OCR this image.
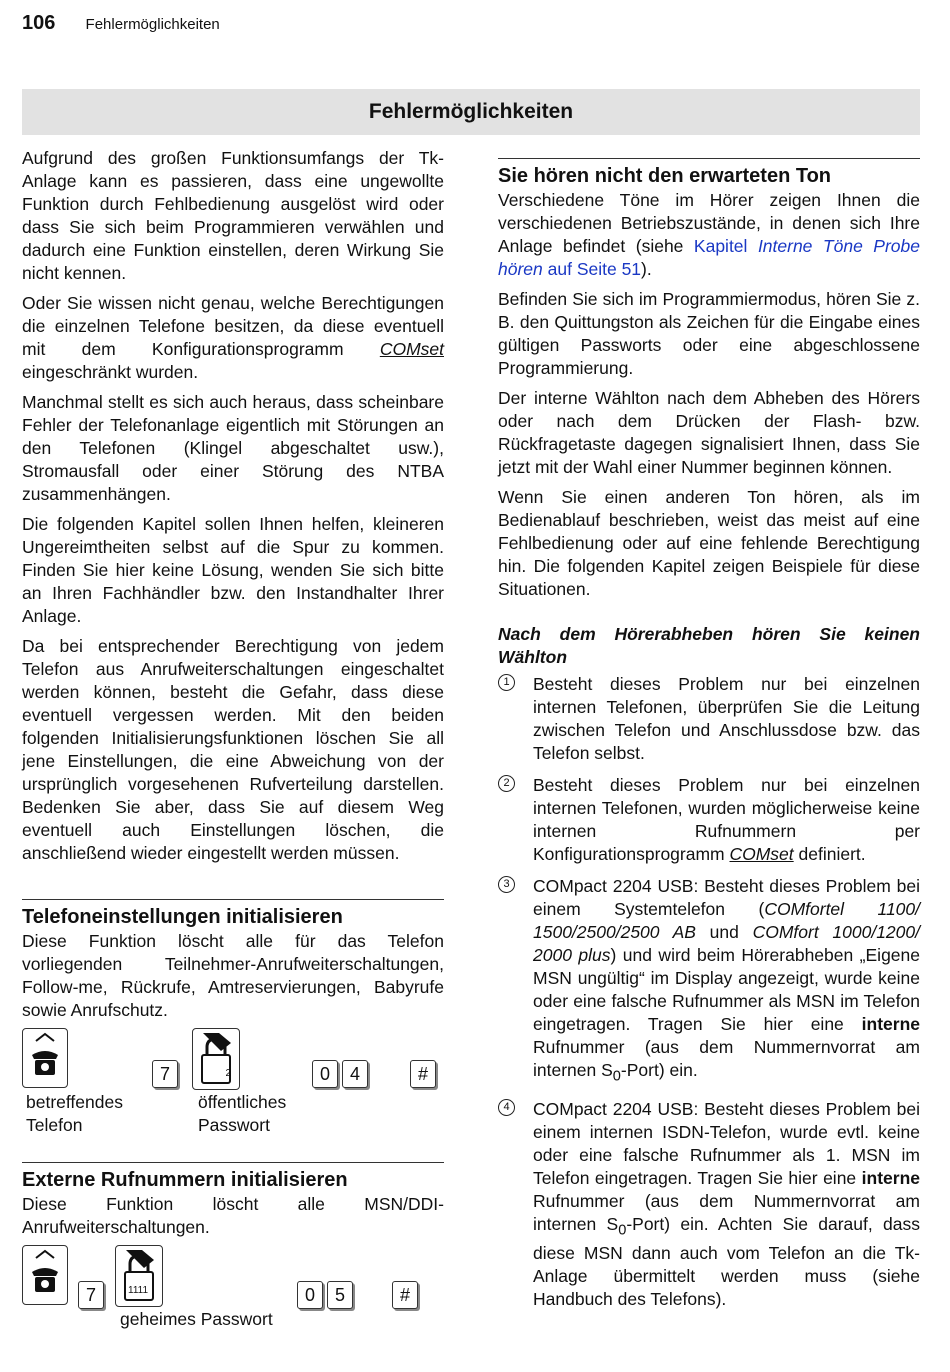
106 Fehlermöglichkeiten
Fehlermöglichkeiten

Aufgrund des großen Funktionsumfangs der Tk-Anlage kann es passieren, dass eine ungewollte Funktion durch Fehlbedienung ausgelöst wird oder dass Sie sich beim Programmieren verwählen und dadurch eine Funktion einstellen, deren Wirkung Sie nicht kennen.

Oder Sie wissen nicht genau, welche Berechtigungen die einzelnen Telefone besitzen, da diese eventuell mit dem Konfigurationsprogramm COMset eingeschränkt wurden.

Manchmal stellt es sich auch heraus, dass scheinbare Fehler der Telefonanlage eigentlich mit Störungen an den Telefonen (Klingel abgeschaltet usw.), Stromausfall oder einer Störung des NTBA zusammenhängen.

Die folgenden Kapitel sollen Ihnen helfen, kleineren Ungereimtheiten selbst auf die Spur zu kommen. Finden Sie hier keine Lösung, wenden Sie sich bitte an Ihren Fachhändler bzw. den Instandhalter Ihrer Anlage.

Da bei entsprechender Berechtigung von jedem Telefon aus Anrufweiterschaltungen eingeschaltet werden können, besteht die Gefahr, dass diese eventuell vergessen werden. Mit den beiden folgenden Initialisierungsfunktionen löschen Sie all jene Einstellungen, die eine Abweichung von der ursprünglich vorgesehenen Rufverteilung darstellen. Bedenken Sie aber, dass Sie auf diesem Weg eventuell auch Einstellungen löschen, die anschließend wieder eingestellt werden müssen.

Telefoneinstellungen initialisieren

Diese Funktion löscht alle für das Telefon vorliegenden Teilnehmer-Anrufweiterschaltungen, Follow-me, Rückrufe, Amtreservierungen, Babyrufe sowie Anrufschutz.

7	2	0	4	#
betreffendes Telefon
öffentliches Passwort
Externe Rufnummern initialisieren

Diese Funktion löscht alle MSN/DDI-Anrufweiterschaltungen.

7	1111	0	5	#
geheimes Passwort
Sie hören nicht den erwarteten Ton

Verschiedene Töne im Hörer zeigen Ihnen die verschiedenen Betriebszustände, in denen sich Ihre Anlage befindet (siehe Kapitel Interne Töne Probe hören auf Seite 51).

Befinden Sie sich im Programmiermodus, hören Sie z. B. den Quittungston als Zeichen für die Eingabe eines gültigen Passworts oder eine abgeschlossene Programmierung.

Der interne Wählton nach dem Abheben des Hörers oder nach dem Drücken der Flash- bzw. Rückfragetaste dagegen signalisiert Ihnen, dass Sie jetzt mit der Wahl einer Nummer beginnen können.

Wenn Sie einen anderen Ton hören, als im Bedienablauf beschrieben, weist das meist auf eine Fehlbedienung oder auf eine fehlende Berechtigung hin. Die folgenden Kapitel zeigen Beispiele für diese Situationen.

Nach dem Hörerabheben hören Sie keinen Wählton

1	Besteht dieses Problem nur bei einzelnen internen Telefonen, überprüfen Sie die Leitung zwischen Telefon und Anschlussdose bzw. das Telefon selbst.
2	Besteht dieses Problem nur bei einzelnen internen Telefonen, wurden möglicherweise keine internen Rufnummern per Konfigurationsprogramm COMset definiert.
3	COMpact 2204 USB: Besteht dieses Problem bei einem Systemtelefon (COMfortel 1100/ 1500/2500/2500 AB und COMfort 1000/1200/ 2000 plus) und wird beim Hörerabheben „Eigene MSN ungültig“ im Display angezeigt, wurde keine oder eine falsche Rufnummer als MSN im Telefon eingetragen. Tragen Sie hier eine interne Rufnummer (aus dem Nummernvorrat am internen $S_0-Port$) ein.
4	COMpact 2204 USB: Besteht dieses Problem bei einem internen ISDN-Telefon, wurde evtl. keine oder eine falsche Rufnummer als 1. MSN im Telefon eingetragen. Tragen Sie hier eine interne Rufnummer (aus dem Nummernvorrat am internen $S_0-Port$) ein. Achten Sie darauf, dass diese MSN dann auch vom Telefon an die Tk-Anlage übermittelt werden muss (siehe Handbuch des Telefons).
